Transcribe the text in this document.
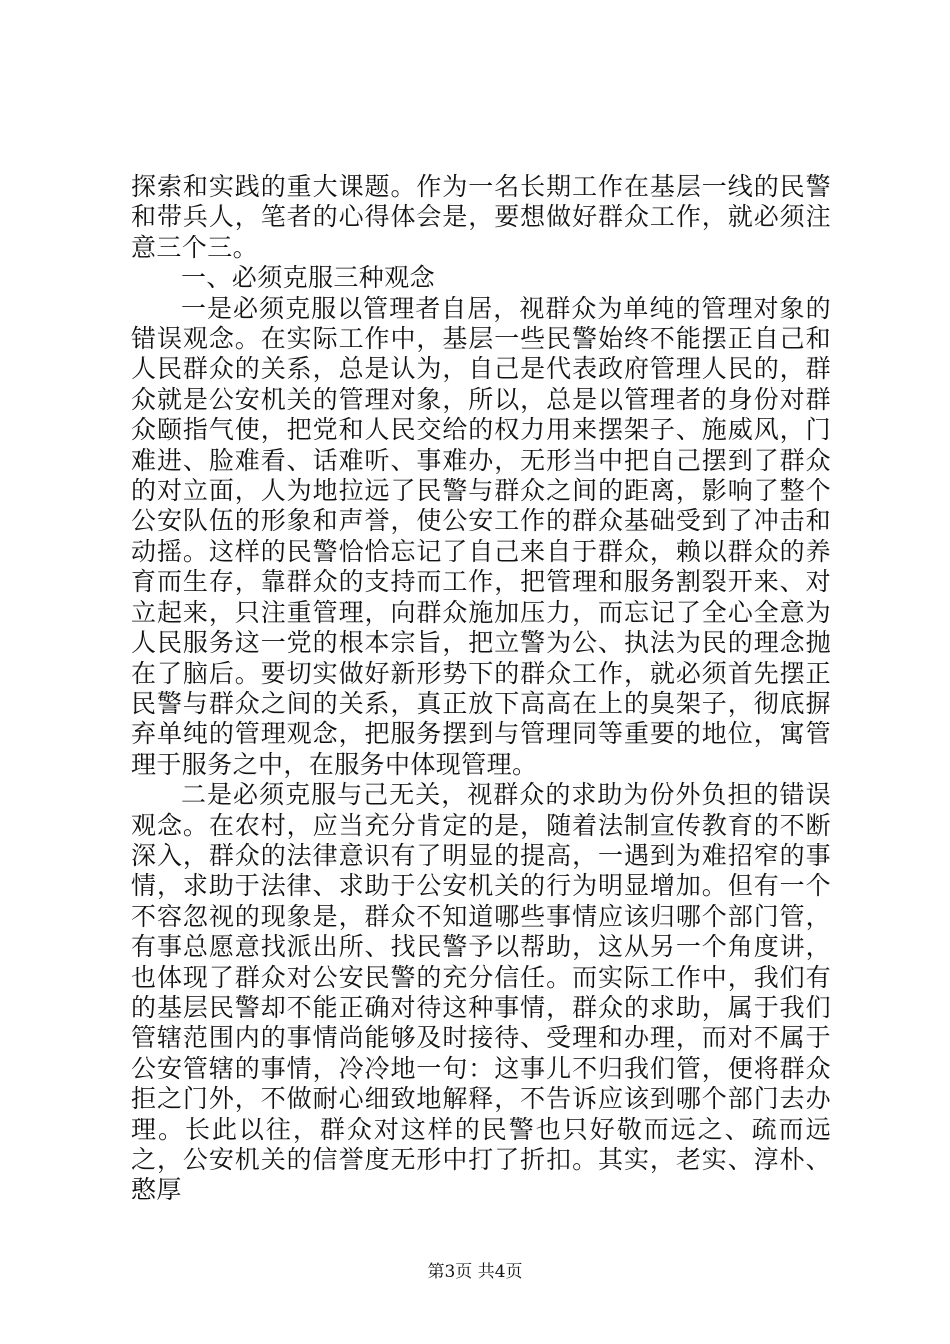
探索和实践的重大课题。作为一名长期工作在基层一线的民警和带兵人，笔者的心得体会是，要想做好群众工作，就必须注意三个三。

一、必须克服三种观念

一是必须克服以管理者自居，视群众为单纯的管理对象的错误观念。在实际工作中，基层一些民警始终不能摆正自己和人民群众的关系，总是认为，自己是代表政府管理人民的，群众就是公安机关的管理对象，所以，总是以管理者的身份对群众颐指气使，把党和人民交给的权力用来摆架子、施威风，门难进、脸难看、话难听、事难办，无形当中把自己摆到了群众的对立面，人为地拉远了民警与群众之间的距离，影响了整个公安队伍的形象和声誉，使公安工作的群众基础受到了冲击和动摇。这样的民警恰恰忘记了自己来自于群众，赖以群众的养育而生存，靠群众的支持而工作，把管理和服务割裂开来、对立起来，只注重管理，向群众施加压力，而忘记了全心全意为人民服务这一党的根本宗旨，把立警为公、执法为民的理念抛在了脑后。要切实做好新形势下的群众工作，就必须首先摆正民警与群众之间的关系，真正放下高高在上的臭架子，彻底摒弃单纯的管理观念，把服务摆到与管理同等重要的地位，寓管理于服务之中，在服务中体现管理。

二是必须克服与己无关，视群众的求助为份外负担的错误观念。在农村，应当充分肯定的是，随着法制宣传教育的不断深入，群众的法律意识有了明显的提高，一遇到为难招窄的事情，求助于法律、求助于公安机关的行为明显增加。但有一个不容忽视的现象是，群众不知道哪些事情应该归哪个部门管，有事总愿意找派出所、找民警予以帮助，这从另一个角度讲，也体现了群众对公安民警的充分信任。而实际工作中，我们有的基层民警却不能正确对待这种事情，群众的求助，属于我们管辖范围内的事情尚能够及时接待、受理和办理，而对不属于公安管辖的事情，冷冷地一句：这事儿不归我们管，便将群众拒之门外，不做耐心细致地解释，不告诉应该到哪个部门去办理。长此以往，群众对这样的民警也只好敬而远之、疏而远之，公安机关的信誉度无形中打了折扣。其实，老实、淳朴、憨厚

第3页 共4页
